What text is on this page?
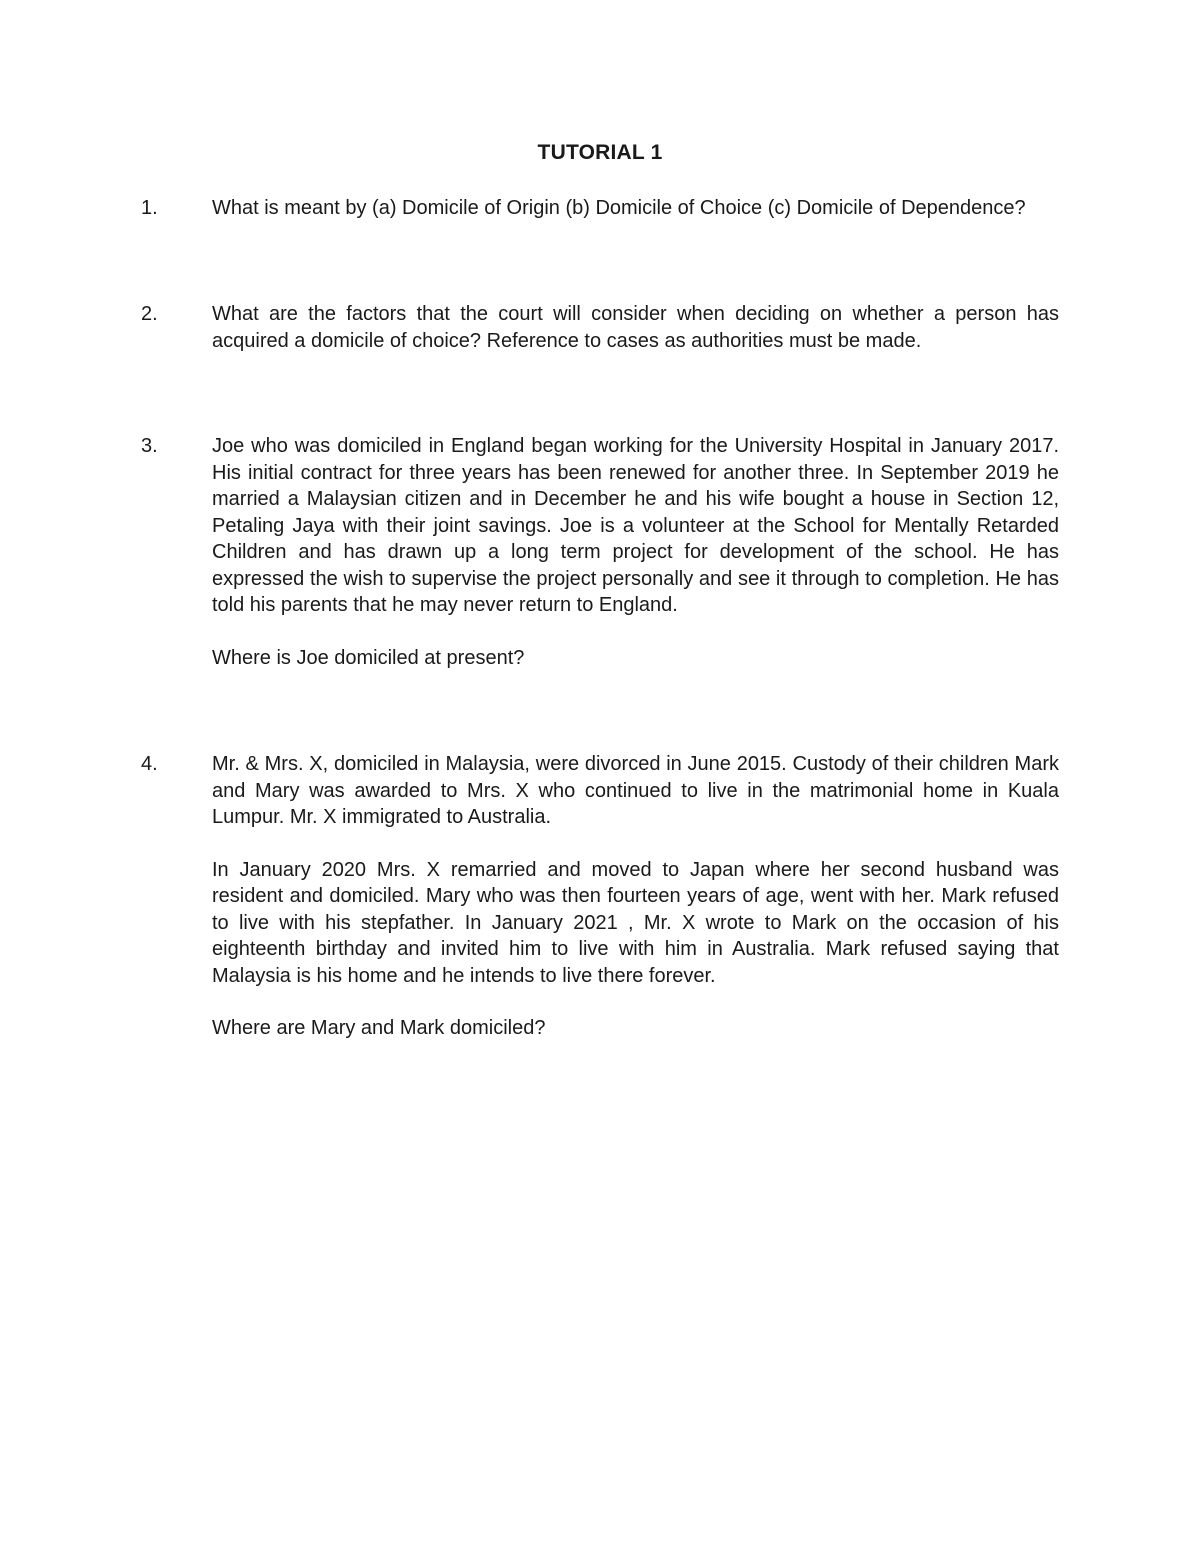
TUTORIAL 1
1.	What is meant by (a) Domicile of Origin (b) Domicile of Choice (c) Domicile of Dependence?

2.	What are the factors that the court will consider when deciding on whether a person has acquired a domicile of choice? Reference to cases as authorities must be made.

3.	Joe who was domiciled in England began working for the University Hospital in January 2017. His initial contract for three years has been renewed for another three. In September 2019 he married a Malaysian citizen and in December he and his wife bought a house in Section 12, Petaling Jaya with their joint savings. Joe is a volunteer at the School for Mentally Retarded Children and has drawn up a long term project for development of the school. He has expressed the wish to supervise the project personally and see it through to completion. He has told his parents that he may never return to England.

Where is Joe domiciled at present?

4.	Mr. & Mrs. X, domiciled in Malaysia, were divorced in June 2015. Custody of their children Mark and Mary was awarded to Mrs. X who continued to live in the matrimonial home in Kuala Lumpur. Mr. X immigrated to Australia.

In January 2020 Mrs. X remarried and moved to Japan where her second husband was resident and domiciled. Mary who was then fourteen years of age, went with her. Mark refused to live with his stepfather. In January 2021 , Mr. X wrote to Mark on the occasion of his eighteenth birthday and invited him to live with him in Australia. Mark refused saying that Malaysia is his home and he intends to live there forever.

Where are Mary and Mark domiciled?
